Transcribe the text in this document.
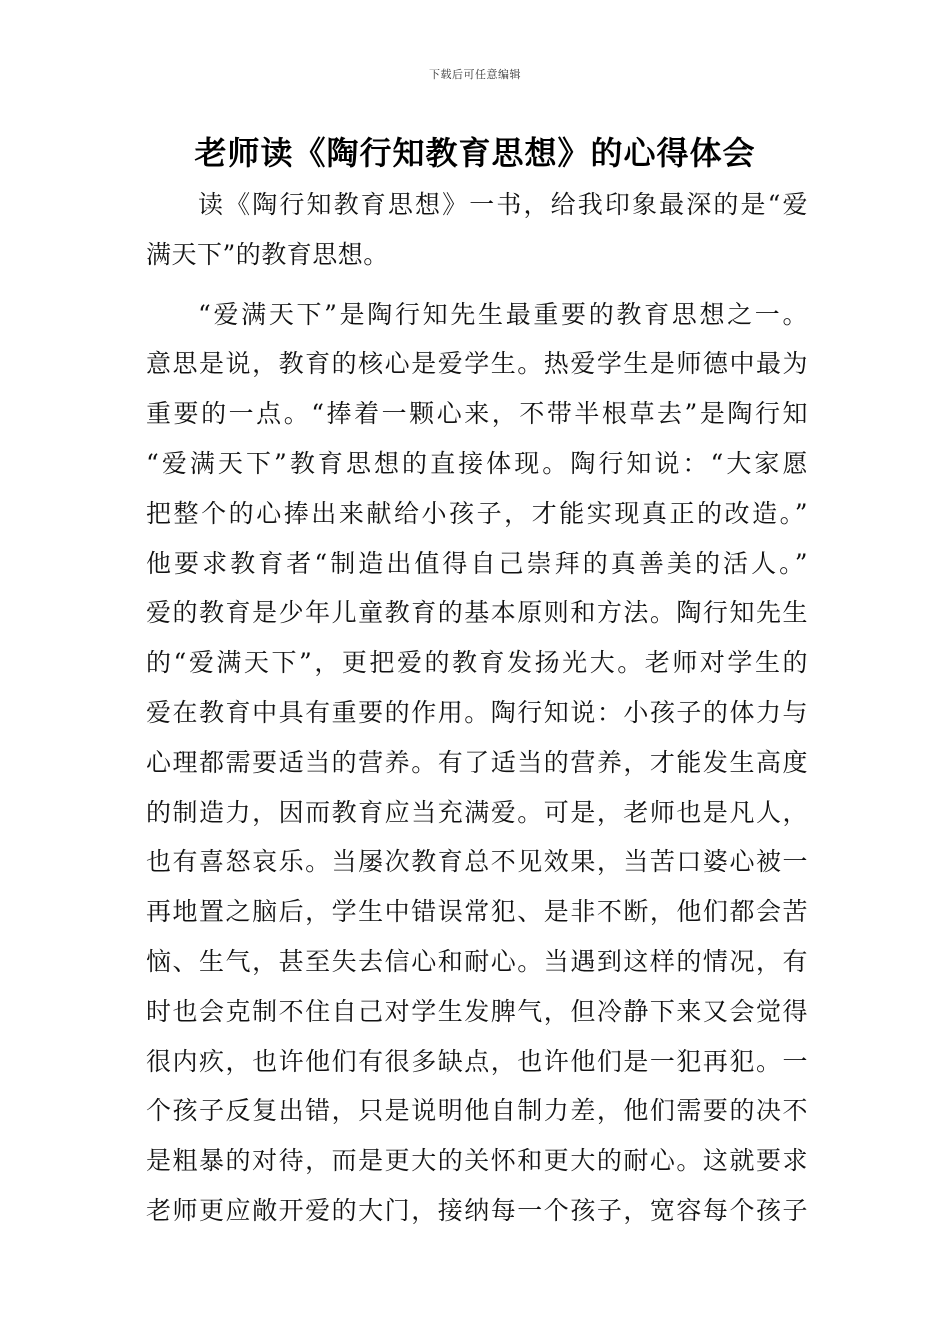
下载后可任意编辑
老师读《陶行知教育思想》的心得体会
读《陶行知教育思想》一书，给我印象最深的是“爱
满天下”的教育思想。
“爱满天下”是陶行知先生最重要的教育思想之一。
意思是说，教育的核心是爱学生。热爱学生是师德中最为
重要的一点。“捧着一颗心来，不带半根草去”是陶行知
“爱满天下”教育思想的直接体现。陶行知说：“大家愿
把整个的心捧出来献给小孩子，才能实现真正的改造。”
他要求教育者“制造出值得自己崇拜的真善美的活人。”
爱的教育是少年儿童教育的基本原则和方法。陶行知先生
的“爱满天下”，更把爱的教育发扬光大。老师对学生的
爱在教育中具有重要的作用。陶行知说：小孩子的体力与
心理都需要适当的营养。有了适当的营养，才能发生高度
的制造力，因而教育应当充满爱。可是，老师也是凡人，
也有喜怒哀乐。当屡次教育总不见效果，当苦口婆心被一
再地置之脑后，学生中错误常犯、是非不断，他们都会苦
恼、生气，甚至失去信心和耐心。当遇到这样的情况，有
时也会克制不住自己对学生发脾气，但冷静下来又会觉得
很内疚，也许他们有很多缺点，也许他们是一犯再犯。一
个孩子反复出错，只是说明他自制力差，他们需要的决不
是粗暴的对待，而是更大的关怀和更大的耐心。这就要求
老师更应敞开爱的大门，接纳每一个孩子，宽容每个孩子
